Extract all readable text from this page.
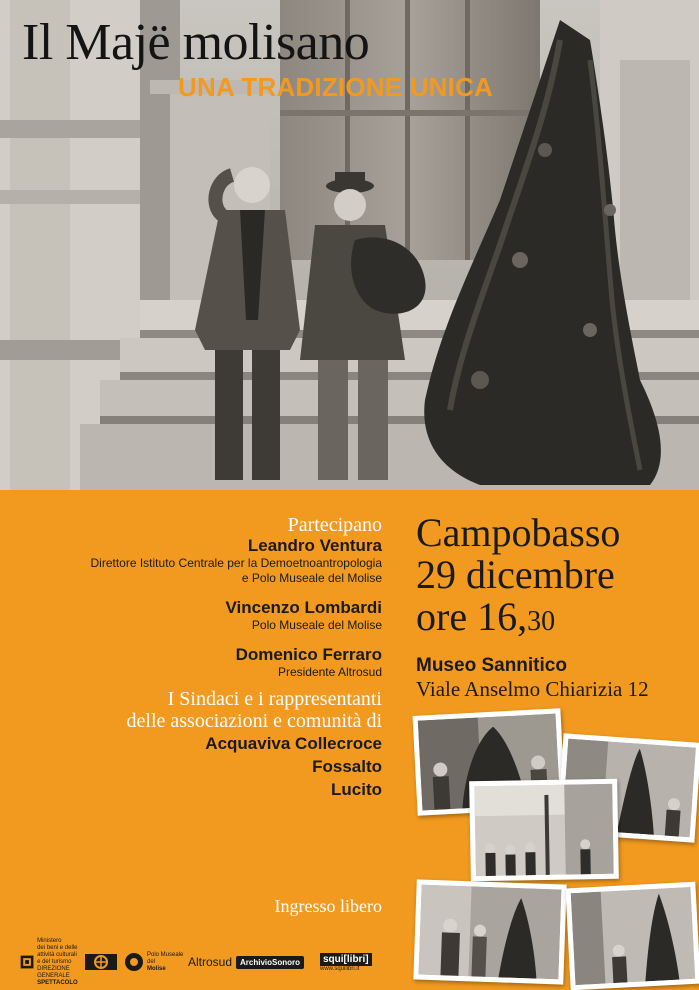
Il Majë molisano
UNA TRADIZIONE UNICA
Partecipano
Leandro Ventura
Direttore Istituto Centrale per la Demoetnoantropologia
e Polo Museale del Molise
Vincenzo Lombardi
Polo Museale del Molise
Domenico Ferraro
Presidente Altrosud
I Sindaci e i rappresentanti
delle associazioni e comunità di
Acquaviva Collecroce
Fossalto
Lucito
Ingresso libero
Campobasso
29 dicembre
ore 16,30
Museo Sannitico
Viale Anselmo Chiarizia 12
Ministero
dei beni e delle
attività culturali
e del turismo
DIREZIONE GENERALE
SPETTACOLO
Polo Museale
del
Molise	Altrosud ArchivioSonoro	squi[libri]
www.squilibri.it
